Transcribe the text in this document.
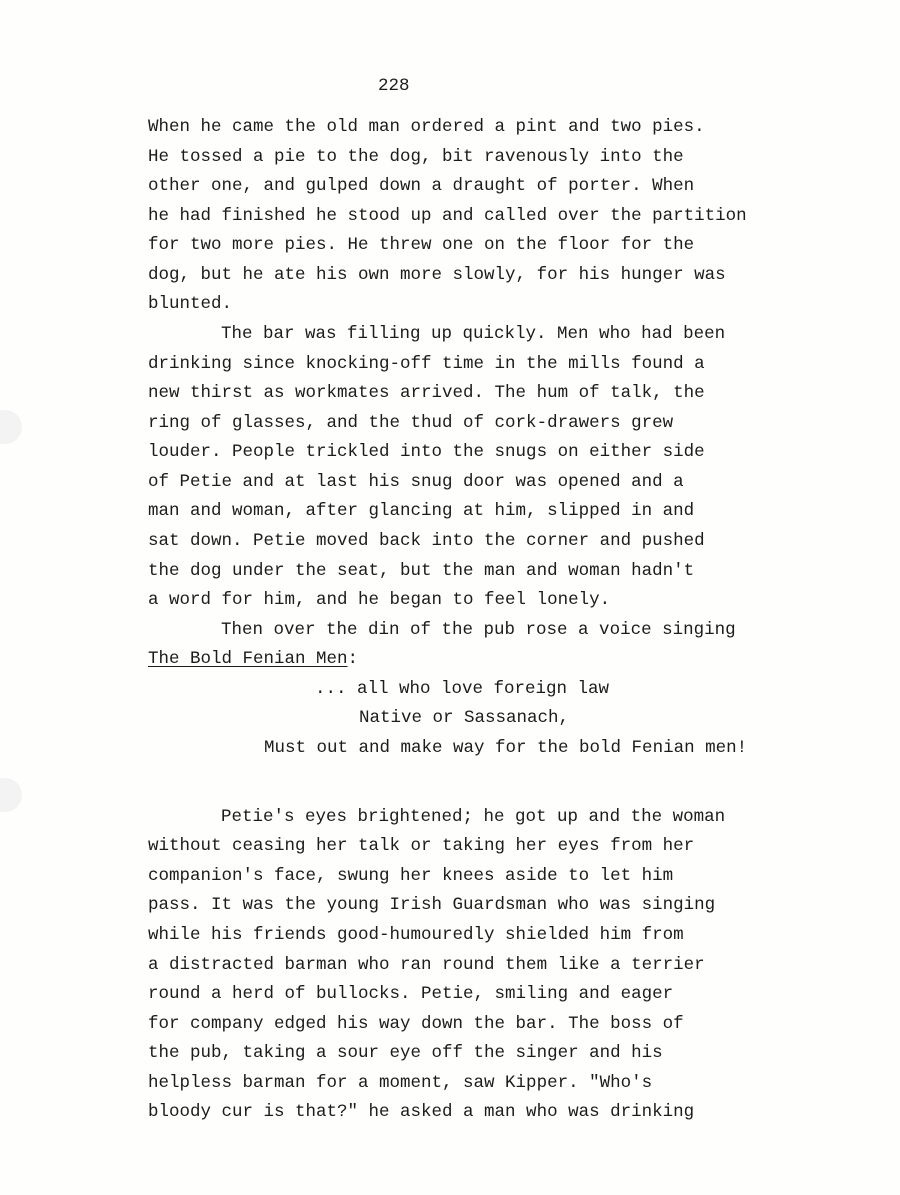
228
When he came the old man ordered a pint and two pies.
He tossed a pie to the dog, bit ravenously into the
other one, and gulped down a draught of porter. When
he had finished he stood up and called over the partition
for two more pies. He threw one on the floor for the
dog, but he ate his own more slowly, for his hunger was
blunted.
The bar was filling up quickly. Men who had been
drinking since knocking-off time in the mills found a
new thirst as workmates arrived. The hum of talk, the
ring of glasses, and the thud of cork-drawers grew
louder. People trickled into the snugs on either side
of Petie and at last his snug door was opened and a
man and woman, after glancing at him, slipped in and
sat down. Petie moved back into the corner and pushed
the dog under the seat, but the man and woman hadn't
a word for him, and he began to feel lonely.
Then over the din of the pub rose a voice singing
The Bold Fenian Men:
... all who love foreign law
Native or Sassanach,
Must out and make way for the bold Fenian men!
Petie's eyes brightened; he got up and the woman
without ceasing her talk or taking her eyes from her
companion's face, swung her knees aside to let him
pass. It was the young Irish Guardsman who was singing
while his friends good-humouredly shielded him from
a distracted barman who ran round them like a terrier
round a herd of bullocks. Petie, smiling and eager
for company edged his way down the bar. The boss of
the pub, taking a sour eye off the singer and his
helpless barman for a moment, saw Kipper. "Who's
bloody cur is that?" he asked a man who was drinking
